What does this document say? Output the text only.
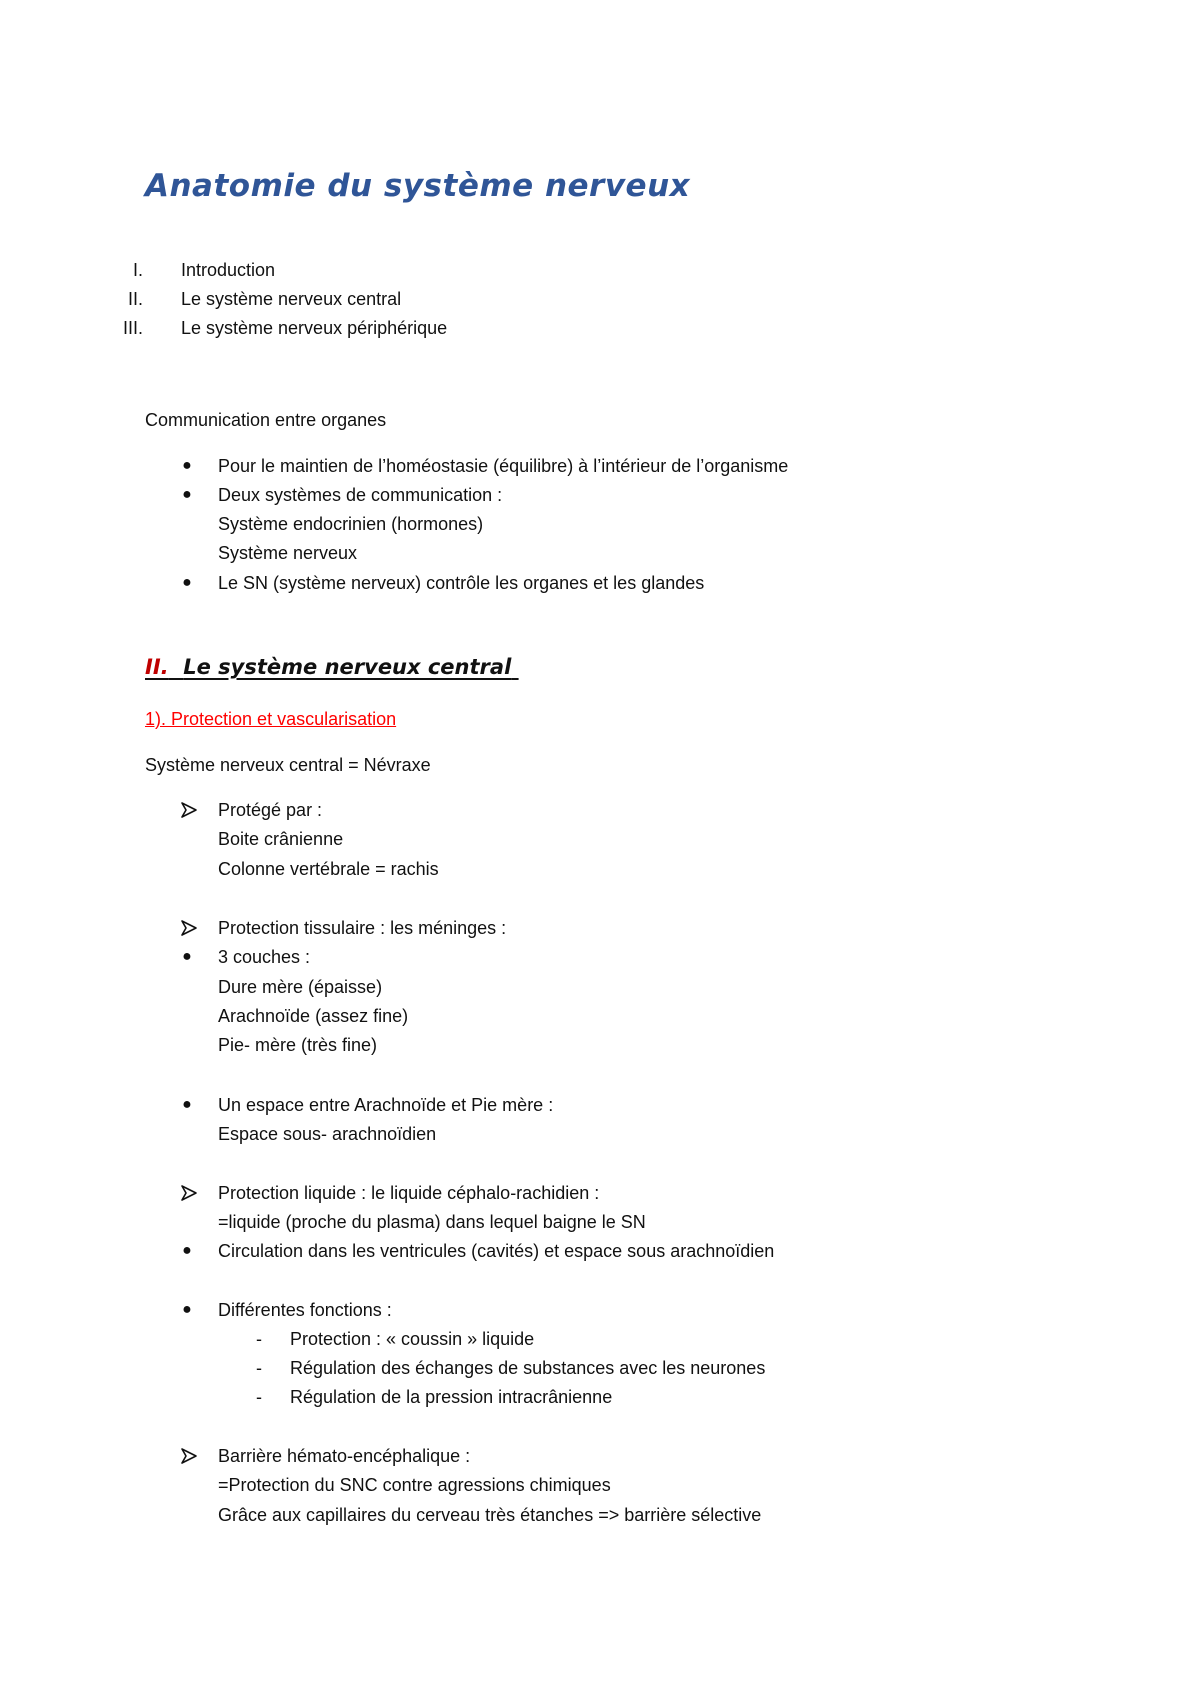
Anatomie du système nerveux
I. Introduction
II. Le système nerveux central
III. Le système nerveux périphérique
Communication entre organes
● Pour le maintien de l’homéostasie (équilibre) à l’intérieur de l’organisme
● Deux systèmes de communication :
Système endocrinien (hormones)
Système nerveux
● Le SN (système nerveux) contrôle les organes et les glandes
II. Le système nerveux central
1). Protection et vascularisation
Système nerveux central = Névraxe
Protégé par :
Boite crânienne
Colonne vertébrale = rachis
Protection tissulaire : les méninges :
● 3 couches :
Dure mère (épaisse)
Arachnoïde (assez fine)
Pie- mère (très fine)
● Un espace entre Arachnoïde et Pie mère :
Espace sous- arachnoïdien
Protection liquide : le liquide céphalo-rachidien :
=liquide (proche du plasma) dans lequel baigne le SN
● Circulation dans les ventricules (cavités) et espace sous arachnoïdien
● Différentes fonctions :
- Protection : « coussin » liquide
- Régulation des échanges de substances avec les neurones
- Régulation de la pression intracrânienne
Barrière hémato-encéphalique :
=Protection du SNC contre agressions chimiques
Grâce aux capillaires du cerveau très étanches => barrière sélective
